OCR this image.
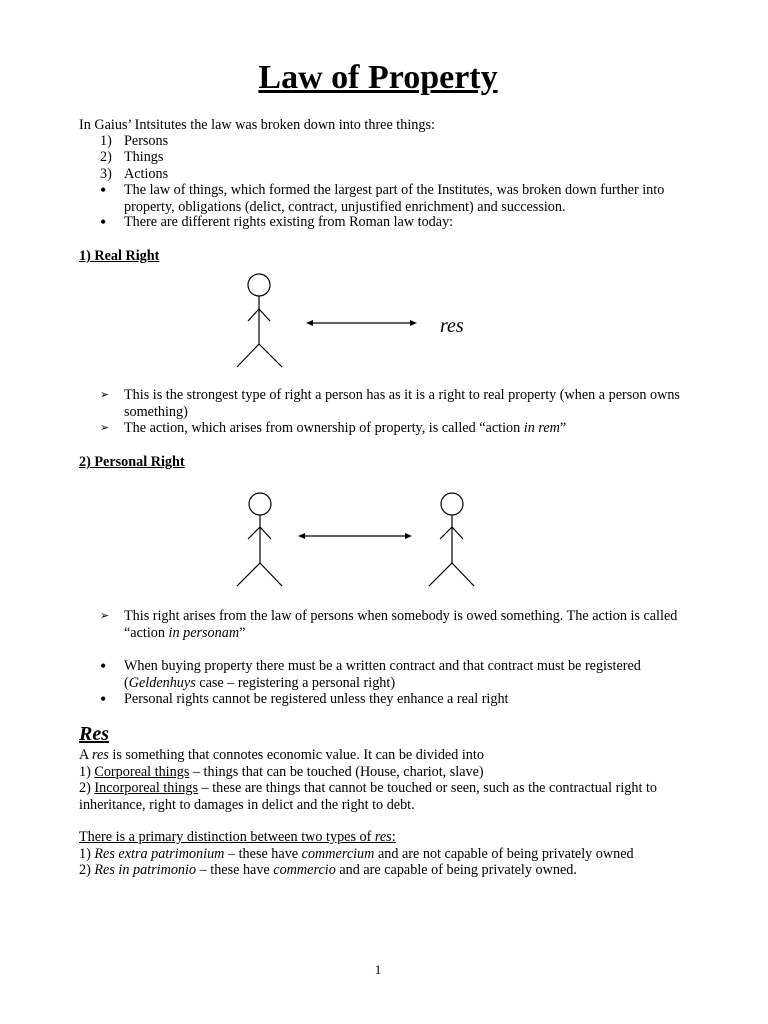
Law of Property
In Gaius’ Intsitutes the law was broken down into three things:
1) Persons
2) Things
3) Actions
• The law of things, which formed the largest part of the Institutes, was broken down further into property, obligations (delict, contract, unjustified enrichment) and succession.
• There are different rights existing from Roman law today:
1) Real Right
res
➢ This is the strongest type of right a person has as it is a right to real property (when a person owns something)
➢ The action, which arises from ownership of property, is called “action in rem”
2) Personal Right
➢ This right arises from the law of persons when somebody is owed something. The action is called “action in personam”
• When buying property there must be a written contract and that contract must be registered (Geldenhuys case – registering a personal right)
• Personal rights cannot be registered unless they enhance a real right
Res
A res is something that connotes economic value. It can be divided into
1) Corporeal things – things that can be touched (House, chariot, slave)
2) Incorporeal things – these are things that cannot be touched or seen, such as the contractual right to inheritance, right to damages in delict and the right to debt.
There is a primary distinction between two types of res:
1) Res extra patrimonium – these have commercium and are not capable of being privately owned
2) Res in patrimonio – these have commercio and are capable of being privately owned.
1
